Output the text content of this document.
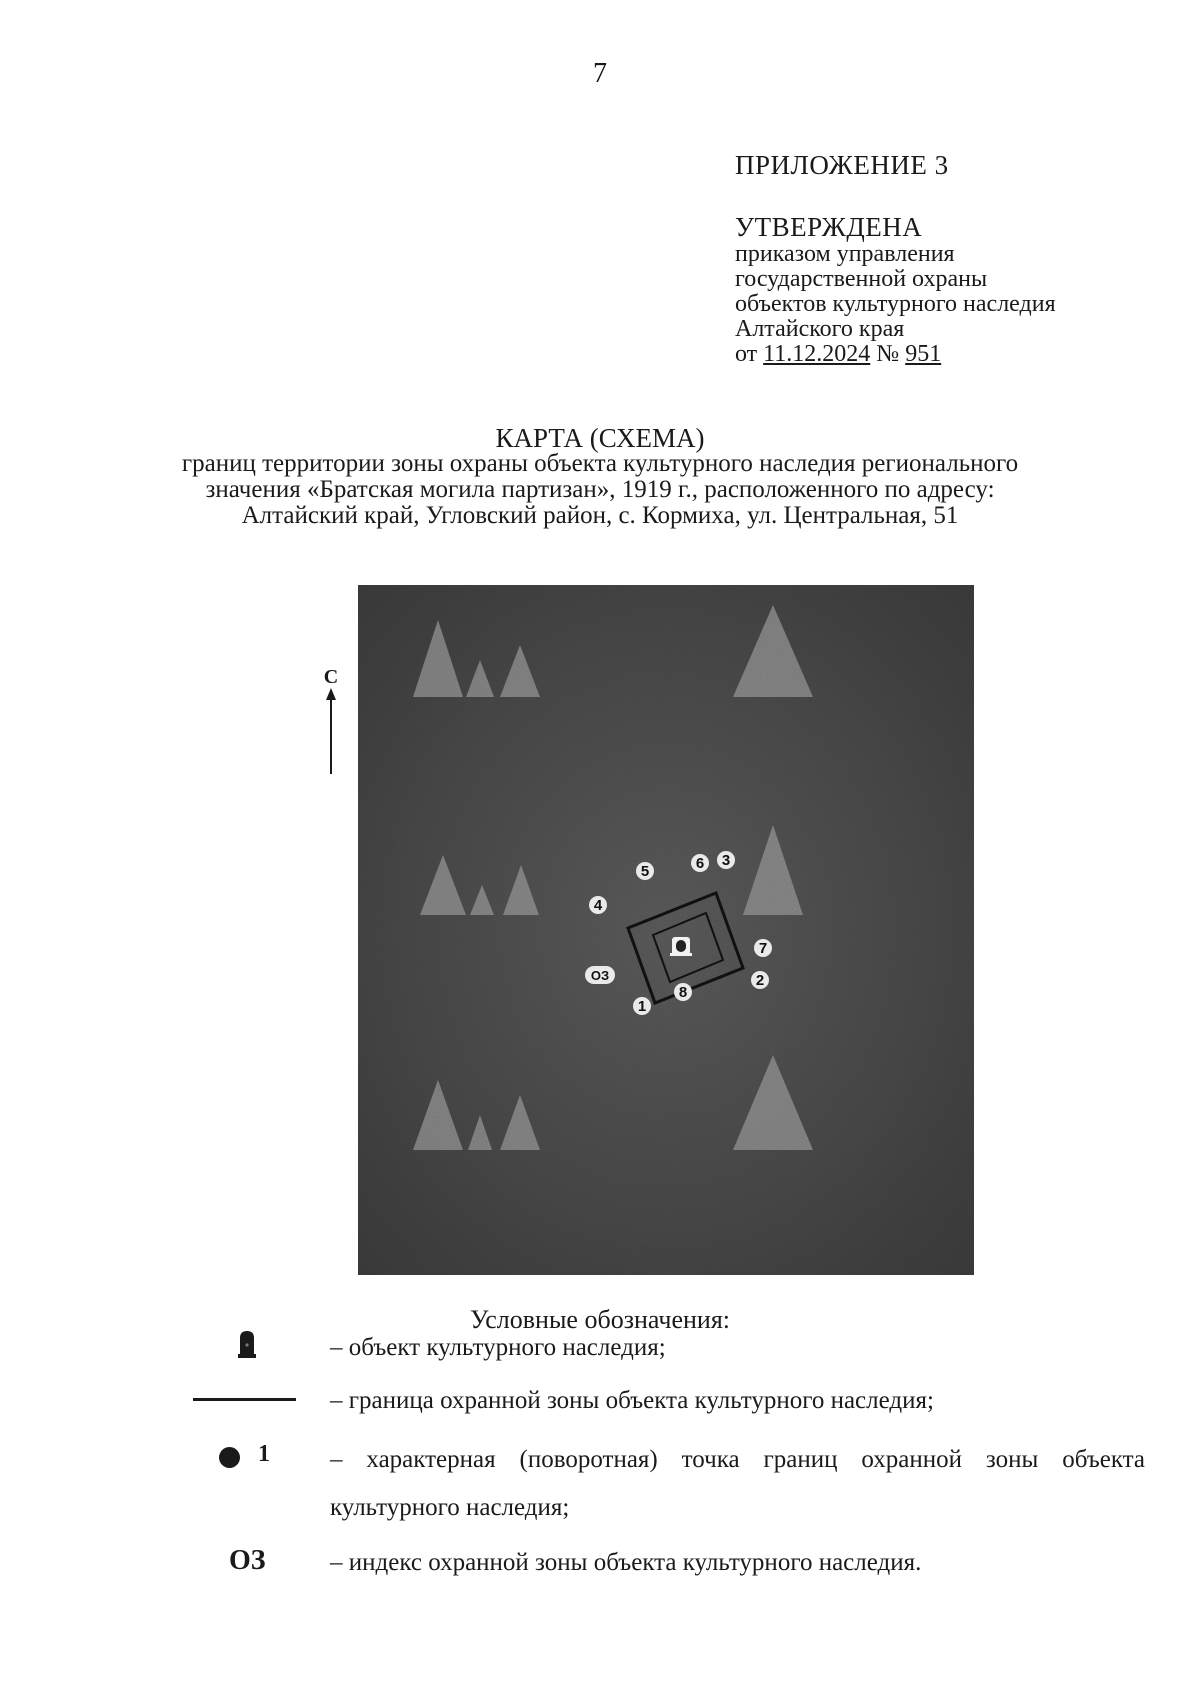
7
ПРИЛОЖЕНИЕ 3
УТВЕРЖДЕНА
приказом управления
государственной охраны
объектов культурного наследия
Алтайского края
от 11.12.2024 № 951
КАРТА (СХЕМА)
границ территории зоны охраны объекта культурного наследия регионального
значения «Братская могила партизан», 1919 г., расположенного по адресу:
Алтайский край, Угловский район, с. Кормиха, ул. Центральная, 51
С
1
2
3
4
5	6
7
8
ОЗ
Условные обозначения:
– объект культурного наследия;
– граница охранной зоны объекта культурного наследия;
1 – характерная (поворотная) точка границ охранной зоны объекта культурного наследия;
ОЗ	– индекс охранной зоны объекта культурного наследия.
